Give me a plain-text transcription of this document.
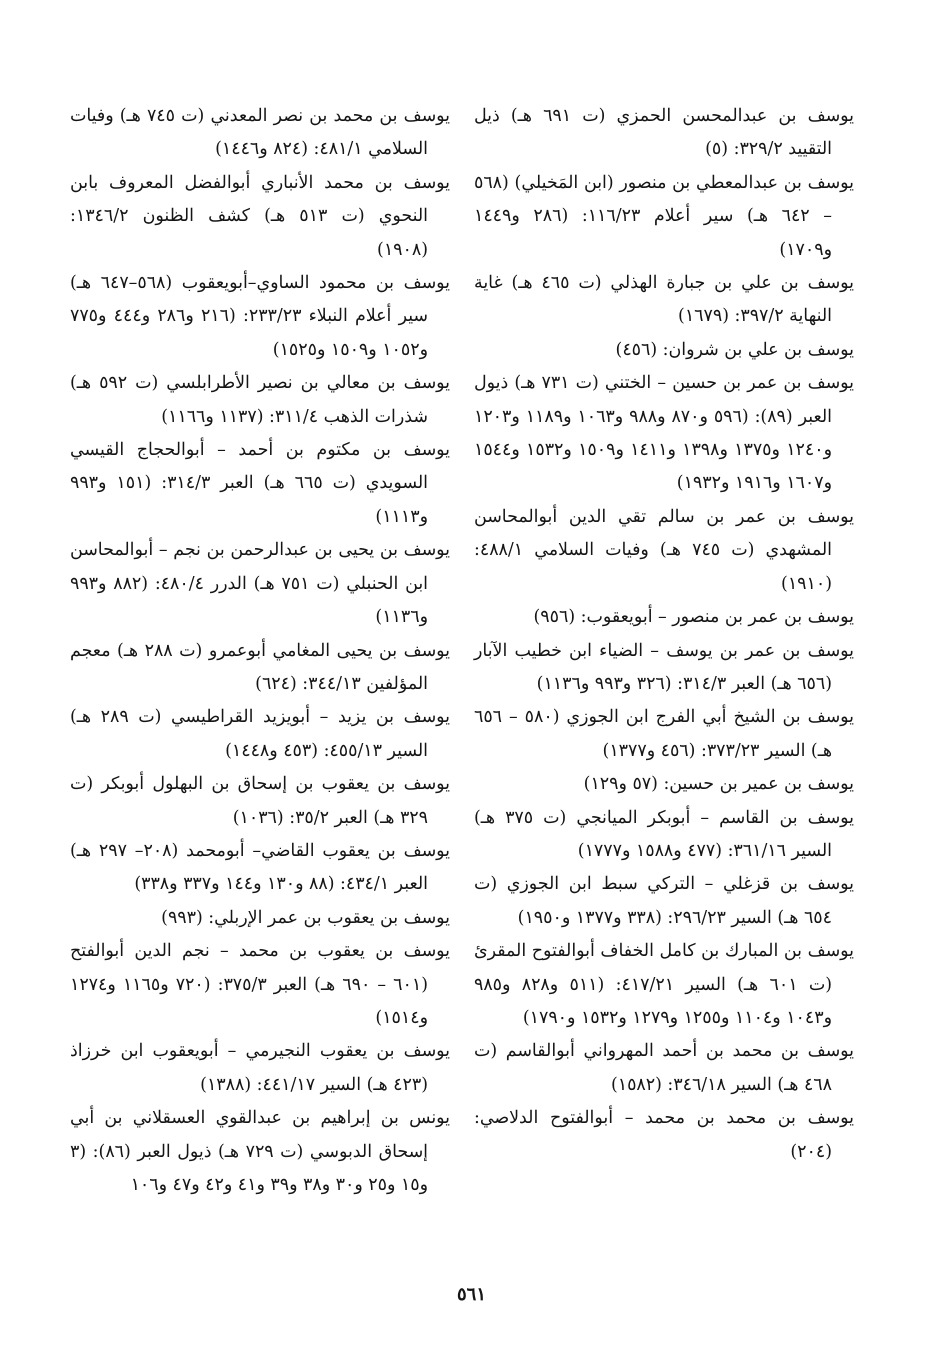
يوسف بن عبدالمحسن الحمزي (ت ٦٩١ هـ) ذيل التقييد ٣٢٩/٢: (٥)

يوسف بن عبدالمعطي بن منصور (ابن المَخيلي) (٥٦٨ – ٦٤٢ هـ) سير أعلام ١١٦/٢٣: (٢٨٦ و١٤٤٩ و١٧٠٩)

يوسف بن علي بن جبارة الهذلي (ت ٤٦٥ هـ) غاية النهاية ٣٩٧/٢: (١٦٧٩)

يوسف بن علي بن شروان: (٤٥٦)

يوسف بن عمر بن حسين – الختني (ت ٧٣١ هـ) ذيول العبر (٨٩): (٥٩٦ و٨٧٠ و٩٨٨ و١٠٦٣ و١١٨٩ و١٢٠٣ و١٢٤٠ و١٣٧٥ و١٣٩٨ و١٤١١ و١٥٠٩ و١٥٣٢ و١٥٤٤ و١٦٠٧ و١٩١٦ و١٩٣٢)

يوسف بن عمر بن سالم تقي الدين أبوالمحاسن المشهدي (ت ٧٤٥ هـ) وفيات السلامي ٤٨٨/١: (١٩١٠)

يوسف بن عمر بن منصور – أبويعقوب: (٩٥٦)

يوسف بن عمر بن يوسف – الضياء ابن خطيب الآبار (٦٥٦ هـ) العبر ٣١٤/٣: (٣٢٦ و٩٩٣ و١١٣٦)

يوسف بن الشيخ أبي الفرج ابن الجوزي (٥٨٠ – ٦٥٦ هـ) السير ٣٧٣/٢٣: (٤٥٦ و١٣٧٧)

يوسف بن عمير بن حسين: (٥٧ و١٢٩)

يوسف بن القاسم – أبوبكر الميانجي (ت ٣٧٥ هـ) السير ٣٦١/١٦: (٤٧٧ و١٥٨٨ و١٧٧٧)

يوسف بن قزغلي – التركي سبط ابن الجوزي (ت ٦٥٤ هـ) السير ٢٩٦/٢٣: (٣٣٨ و١٣٧٧ و١٩٥٠)

يوسف بن المبارك بن كامل الخفاف أبوالفتوح المقرئ (ت ٦٠١ هـ) السير ٤١٧/٢١: (٥١١ و٨٢٨ و٩٨٥ و١٠٤٣ و١١٠٤ و١٢٥٥ و١٢٧٩ و١٥٣٢ و١٧٩٠)

يوسف بن محمد بن أحمد المهرواني أبوالقاسم (ت ٤٦٨ هـ) السير ٣٤٦/١٨: (١٥٨٢)

يوسف بن محمد بن محمد – أبوالفتوح الدلاصي: (٢٠٤)

يوسف بن محمد بن نصر المعدني (ت ٧٤٥ هـ) وفيات السلامي ٤٨١/١: (٨٢٤ و١٤٤٦)

يوسف بن محمد الأنباري أبوالفضل المعروف بابن النحوي (ت ٥١٣ هـ) كشف الظنون ١٣٤٦/٢: (١٩٠٨)

يوسف بن محمود الساوي–أبويعقوب (٥٦٨–٦٤٧ هـ) سير أعلام النبلاء ٢٣٣/٢٣: (٢١٦ و٢٨٦ و٤٤٤ و٧٧٥ و١٠٥٢ و١٥٠٩ و١٥٢٥)

يوسف بن معالي بن نصير الأطرابلسي (ت ٥٩٢ هـ) شذرات الذهب ٣١١/٤: (١١٣٧ و١١٦٦)

يوسف بن مكتوم بن أحمد – أبوالحجاج القيسي السويدي (ت ٦٦٥ هـ) العبر ٣١٤/٣: (١٥١ و٩٩٣ و١١١٣)

يوسف بن يحيى بن عبدالرحمن بن نجم – أبوالمحاسن ابن الحنبلي (ت ٧٥١ هـ) الدرر ٤٨٠/٤: (٨٨٢ و٩٩٣ و١١٣٦)

يوسف بن يحيى المغامي أبوعمرو (ت ٢٨٨ هـ) معجم المؤلفين ٣٤٤/١٣: (٦٢٤)

يوسف بن يزيد – أبويزيد القراطيسي (ت ٢٨٩ هـ) السير ٤٥٥/١٣: (٤٥٣ و١٤٤٨)

يوسف بن يعقوب بن إسحاق بن البهلول أبوبكر (ت ٣٢٩ هـ) العبر ٣٥/٢: (١٠٣٦)

يوسف بن يعقوب القاضي– أبومحمد (٢٠٨– ٢٩٧ هـ) العبر ٤٣٤/١: (٨٨ و١٣٠ و١٤٤ و٣٣٧ و٣٣٨)

يوسف بن يعقوب بن عمر الإربلي: (٩٩٣)

يوسف بن يعقوب بن محمد – نجم الدين أبوالفتح (٦٠١ – ٦٩٠ هـ) العبر ٣٧٥/٣: (٧٢٠ و١١٦٥ و١٢٧٤ و١٥١٤)

يوسف بن يعقوب النجيرمي – أبويعقوب ابن خرزاذ (٤٢٣ هـ) السير ٤٤١/١٧: (١٣٨٨)

يونس بن إبراهيم بن عبدالقوي العسقلاني بن أبي إسحاق الدبوسي (ت ٧٢٩ هـ) ذيول العبر (٨٦): (٣ و١٥ و٢٥ و٣٠ و٣٨ و٣٩ و٤١ و٤٢ و٤٧ و١٠٦

٥٦١
